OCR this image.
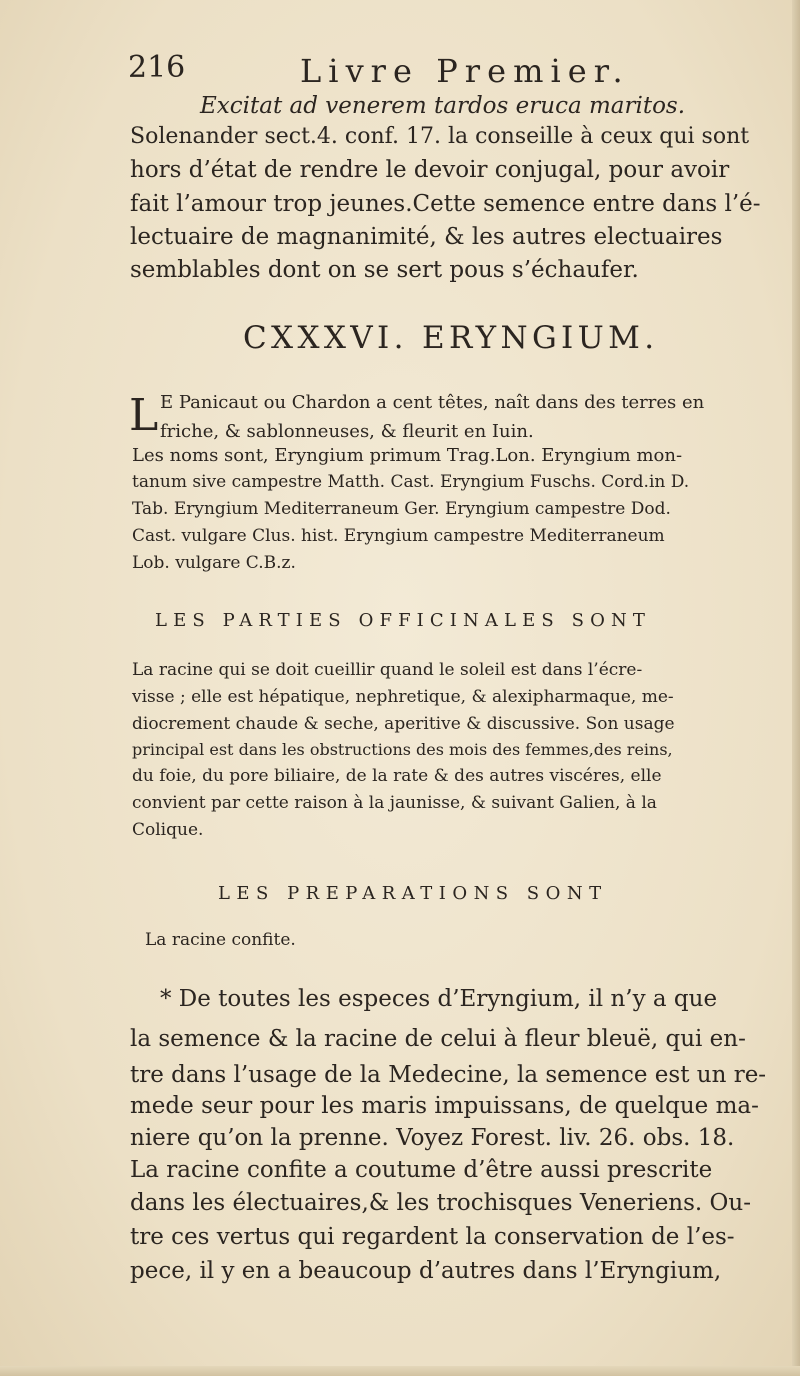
216	Livre Premier.
Excitat ad venerem tardos eruca maritos.
Solenander sect.4. conf. 17. la conseille à ceux qui sont
hors d’état de rendre le devoir conjugal, pour avoir
fait l’amour trop jeunes.Cette semence entre dans l’é-
lectuaire de magnanimité, & les autres electuaires
semblables dont on se sert pous s’échaufer.
CXXXVI. ERYNGIUM.
L E Panicaut ou Chardon a cent têtes, naît dans des terres en
friche, & sablonneuses, & fleurit en Iuin.
Les noms sont, Eryngium primum Trag.Lon. Eryngium mon-
tanum sive campestre Matth. Cast. Eryngium Fuschs. Cord.in D.
Tab. Eryngium Mediterraneum Ger. Eryngium campestre Dod.
Cast. vulgare Clus. hist. Eryngium campestre Mediterraneum
Lob. vulgare C.B.z.
LES PARTIES OFFICINALES SONT
La racine qui se doit cueillir quand le soleil est dans l’écre-
visse ; elle est hépatique, nephretique, & alexipharmaque, me-
diocrement chaude & seche, aperitive & discussive. Son usage
principal est dans les obstructions des mois des femmes,des reins,
du foie, du pore biliaire, de la rate & des autres viscéres, elle
convient par cette raison à la jaunisse, & suivant Galien, à la
Colique.
LES PREPARATIONS SONT
La racine confite.
* De toutes les especes d’Eryngium, il n’y a que
la semence & la racine de celui à fleur bleuë, qui en-
tre dans l’usage de la Medecine, la semence est un re-
mede seur pour les maris impuissans, de quelque ma-
niere qu’on la prenne. Voyez Forest. liv. 26. obs. 18.
La racine confite a coutume d’être aussi prescrite
dans les électuaires,& les trochisques Veneriens. Ou-
tre ces vertus qui regardent la conservation de l’es-
pece, il y en a beaucoup d’autres dans l’Eryngium,
